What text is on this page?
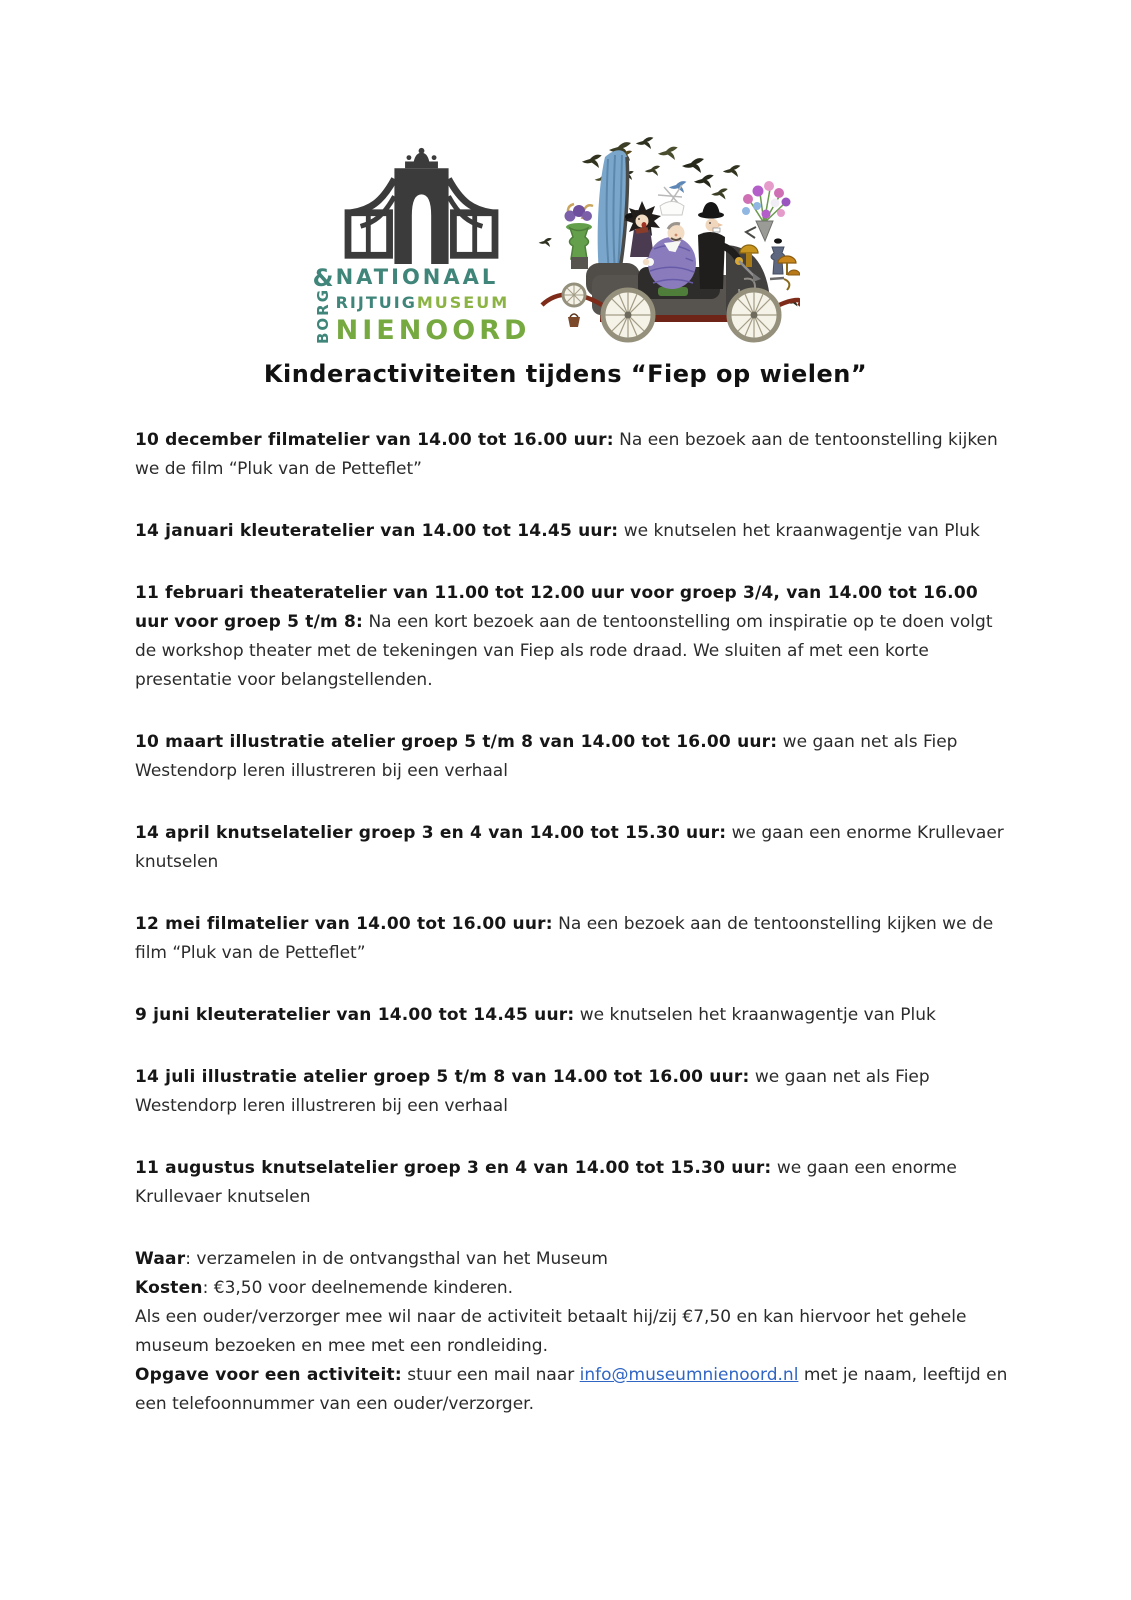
&
BORG
NATIONAAL
RIJTUIGMUSEUM
NIENOORD
Kinderactiviteiten tijdens “Fiep op wielen”

10 december filmatelier van 14.00 tot 16.00 uur: Na een bezoek aan de tentoonstelling kijken we de film “Pluk van de Petteflet”

14 januari kleuteratelier van 14.00 tot 14.45 uur: we knutselen het kraanwagentje van Pluk

11 februari theateratelier van 11.00 tot 12.00 uur voor groep 3/4, van 14.00 tot 16.00 uur voor groep 5 t/m 8: Na een kort bezoek aan de tentoonstelling om inspiratie op te doen volgt de workshop theater met de tekeningen van Fiep als rode draad. We sluiten af met een korte presentatie voor belangstellenden.

10 maart illustratie atelier groep 5 t/m 8 van 14.00 tot 16.00 uur: we gaan net als Fiep Westendorp leren illustreren bij een verhaal

14 april knutselatelier groep 3 en 4 van 14.00 tot 15.30 uur: we gaan een enorme Krullevaer knutselen

12 mei filmatelier van 14.00 tot 16.00 uur: Na een bezoek aan de tentoonstelling kijken we de film “Pluk van de Petteflet”

9 juni kleuteratelier van 14.00 tot 14.45 uur: we knutselen het kraanwagentje van Pluk

14 juli illustratie atelier groep 5 t/m 8 van 14.00 tot 16.00 uur: we gaan net als Fiep Westendorp leren illustreren bij een verhaal

11 augustus knutselatelier groep 3 en 4 van 14.00 tot 15.30 uur: we gaan een enorme Krullevaer knutselen

Waar: verzamelen in de ontvangsthal van het Museum

Kosten: €3,50 voor deelnemende kinderen.

Als een ouder/verzorger mee wil naar de activiteit betaalt hij/zij €7,50 en kan hiervoor het gehele museum bezoeken en mee met een rondleiding.

Opgave voor een activiteit: stuur een mail naar info@museumnienoord.nl met je naam, leeftijd en een telefoonnummer van een ouder/verzorger.
